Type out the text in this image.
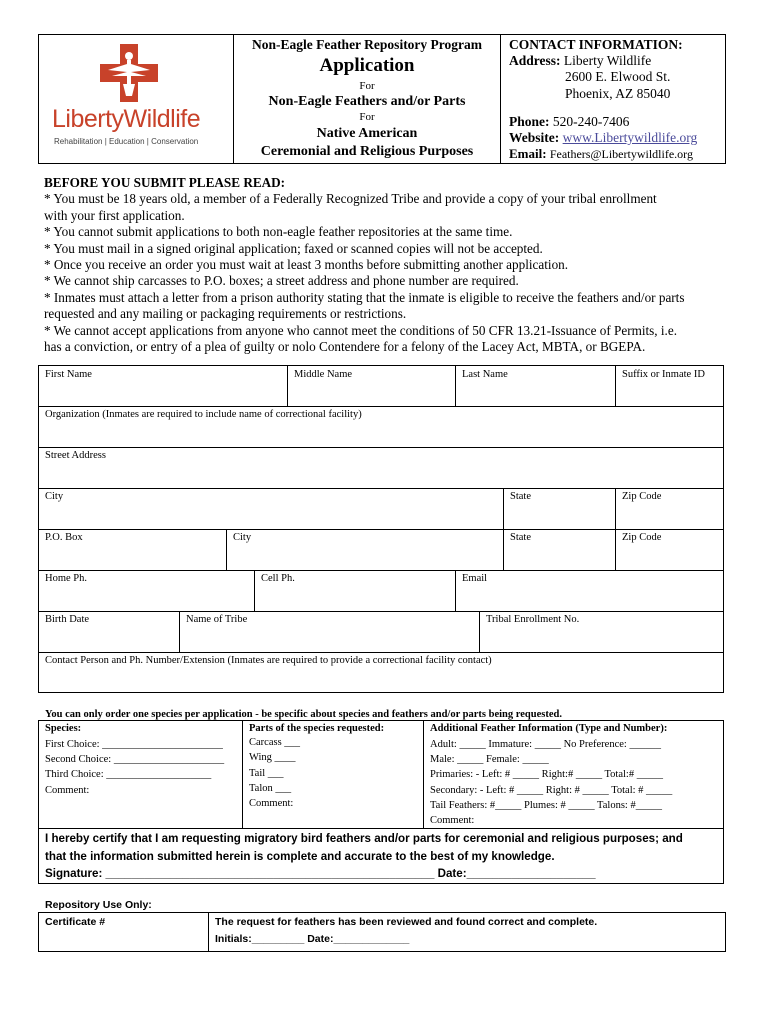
LibertyWildlife
Rehabilitation | Education | Conservation
Non-Eagle Feather Repository Program
Application
For
Non-Eagle Feathers and/or Parts
For
Native American
Ceremonial and Religious Purposes
CONTACT INFORMATION:
Address: Liberty Wildlife
2600 E. Elwood St.
Phoenix, AZ 85040
Phone: 520-240-7406
Website: www.Libertywildlife.org
Email: Feathers@Libertywildlife.org

BEFORE YOU SUBMIT PLEASE READ:

* You must be 18 years old, a member of a Federally Recognized Tribe and provide a copy of your tribal enrollment

with your first application.

* You cannot submit applications to both non-eagle feather repositories at the same time.

* You must mail in a signed original application; faxed or scanned copies will not be accepted.

* Once you receive an order you must wait at least 3 months before submitting another application.

* We cannot ship carcasses to P.O. boxes; a street address and phone number are required.

* Inmates must attach a letter from a prison authority stating that the inmate is eligible to receive the feathers and/or parts

requested and any mailing or packaging requirements or restrictions.

* We cannot accept applications from anyone who cannot meet the conditions of 50 CFR 13.21-Issuance of Permits, i.e.

has a conviction, or entry of a plea of guilty or nolo Contendere for a felony of the Lacey Act, MBTA, or BGEPA.

First Name	Middle Name	Last Name	Suffix or Inmate ID
Organization (Inmates are required to include name of correctional facility)
Street Address
City	State	Zip Code
P.O. Box	City	State	Zip Code
Home Ph.	Cell Ph.	Email
Birth Date	Name of Tribe	Tribal Enrollment No.
Contact Person and Ph. Number/Extension (Inmates are required to provide a correctional facility contact)
You can only order one species per application - be specific about species and feathers and/or parts being requested.
Species:
First Choice: _______________________
Second Choice: _____________________
Third Choice: ____________________
Comment:
Parts of the species requested:
Carcass ___
Wing ____
Tail ___
Talon ___
Comment:
Additional Feather Information (Type and Number):
Adult: _____ Immature: _____ No Preference: ______
Male: _____ Female: _____
Primaries: - Left: # _____ Right:# _____ Total:# _____
Secondary: - Left: # _____ Right: # _____ Total: # _____
Tail Feathers: #_____ Plumes: # _____ Talons: #_____
Comment:
I hereby certify that I am requesting migratory bird feathers and/or parts for ceremonial and religious purposes; and
that the information submitted herein is complete and accurate to the best of my knowledge.
Signature: ___________________________________________________ Date:____________________
Repository Use Only:
Certificate #	The request for feathers has been reviewed and found correct and complete.
Initials:_________ Date:_____________
